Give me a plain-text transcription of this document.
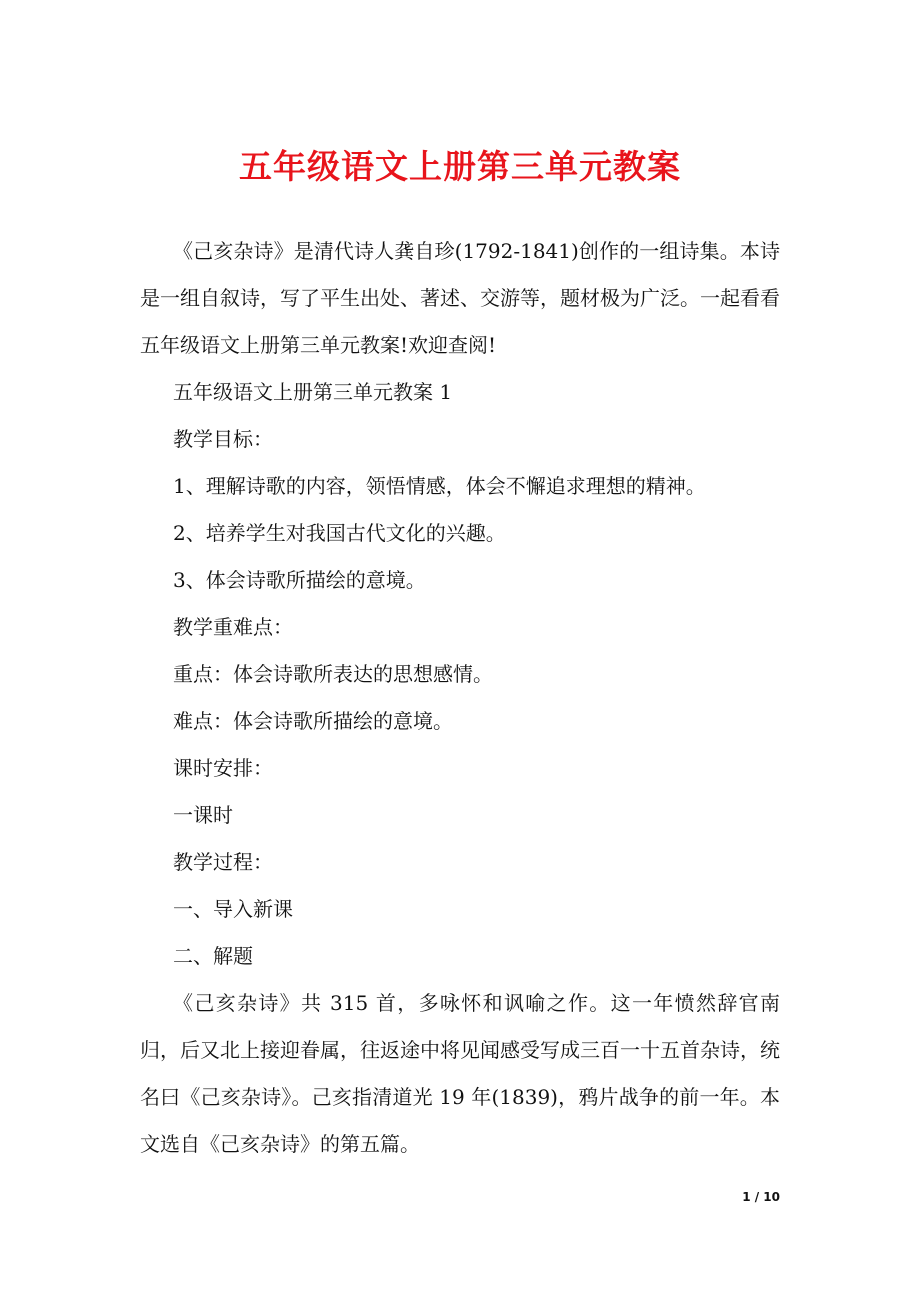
五年级语文上册第三单元教案

《己亥杂诗》是清代诗人龚自珍(1792-1841)创作的一组诗集。本诗是一组自叙诗，写了平生出处、著述、交游等，题材极为广泛。一起看看五年级语文上册第三单元教案!欢迎查阅!

五年级语文上册第三单元教案 1

教学目标：

1、理解诗歌的内容，领悟情感，体会不懈追求理想的精神。

2、培养学生对我国古代文化的兴趣。

3、体会诗歌所描绘的意境。

教学重难点：

重点：体会诗歌所表达的思想感情。

难点：体会诗歌所描绘的意境。

课时安排：

一课时

教学过程：

一、导入新课

二、解题

《己亥杂诗》共 315 首，多咏怀和讽喻之作。这一年愤然辞官南归，后又北上接迎眷属，往返途中将见闻感受写成三百一十五首杂诗，统名曰《己亥杂诗》。己亥指清道光 19 年(1839)，鸦片战争的前一年。本文选自《己亥杂诗》的第五篇。

1 / 10
